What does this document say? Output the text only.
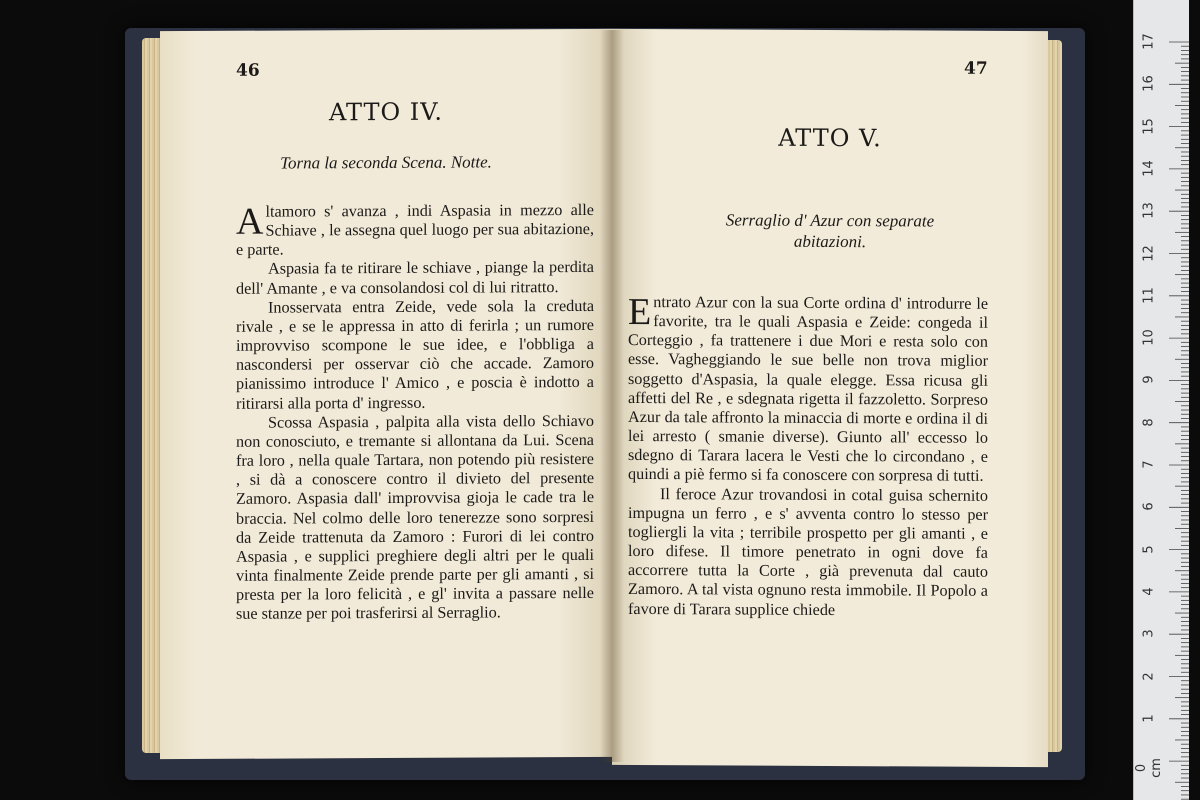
46
ATTO IV.
Torna la seconda Scena. Notte.

Altamoro s' avanza , indi Aspasia in mezzo alle Schiave , le assegna quel luogo per sua abitazione, e parte.

Aspasia fa te ritirare le schiave , piange la perdita dell' Amante , e va consolandosi col di lui ritratto.

Inosservata entra Zeide, vede sola la creduta rivale , e se le appressa in atto di ferirla ; un rumore improvviso scompone le sue idee, e l'obbliga a nascondersi per osservar ciò che accade. Zamoro pianissimo introduce l' Amico , e poscia è indotto a ritirarsi alla porta d' ingresso.

Scossa Aspasia , palpita alla vista dello Schiavo non conosciuto, e tremante si allontana da Lui. Scena fra loro , nella quale Tartara, non potendo più resistere , si dà a conoscere contro il divieto del presente Zamoro. Aspasia dall' improvvisa gioja le cade tra le braccia. Nel colmo delle loro tenerezze sono sorpresi da Zeide trattenuta da Zamoro : Furori di lei contro Aspasia , e supplici preghiere degli altri per le quali vinta finalmente Zeide prende parte per gli amanti , si presta per la loro felicità , e gl' invita a passare nelle sue stanze per poi trasferirsi al Serraglio.

47
ATTO V.
Serraglio d' Azur con separate
abitazioni.

Entrato Azur con la sua Corte ordina d' introdurre le favorite, tra le quali Aspasia e Zeide: congeda il Corteggio , fa trattenere i due Mori e resta solo con esse. Vagheggiando le sue belle non trova miglior soggetto d'Aspasia, la quale elegge. Essa ricusa gli affetti del Re , e sdegnata rigetta il fazzoletto. Sorpreso Azur da tale affronto la minaccia di morte e ordina il di lei arresto ( smanie diverse). Giunto all' eccesso lo sdegno di Tarara lacera le Vesti che lo circondano , e quindi a piè fermo si fa conoscere con sorpresa di tutti.

Il feroce Azur trovandosi in cotal guisa schernito impugna un ferro , e s' avventa contro lo stesso per togliergli la vita ; terribile prospetto per gli amanti , e loro difese. Il timore penetrato in ogni dove fa accorrere tutta la Corte , già prevenuta dal cauto Zamoro. A tal vista ognuno resta immobile. Il Popolo a favore di Tarara supplice chiede

17
16
15
14
13
12
11
10
9
8
7
6
5
4
3
2
1
0 cm
